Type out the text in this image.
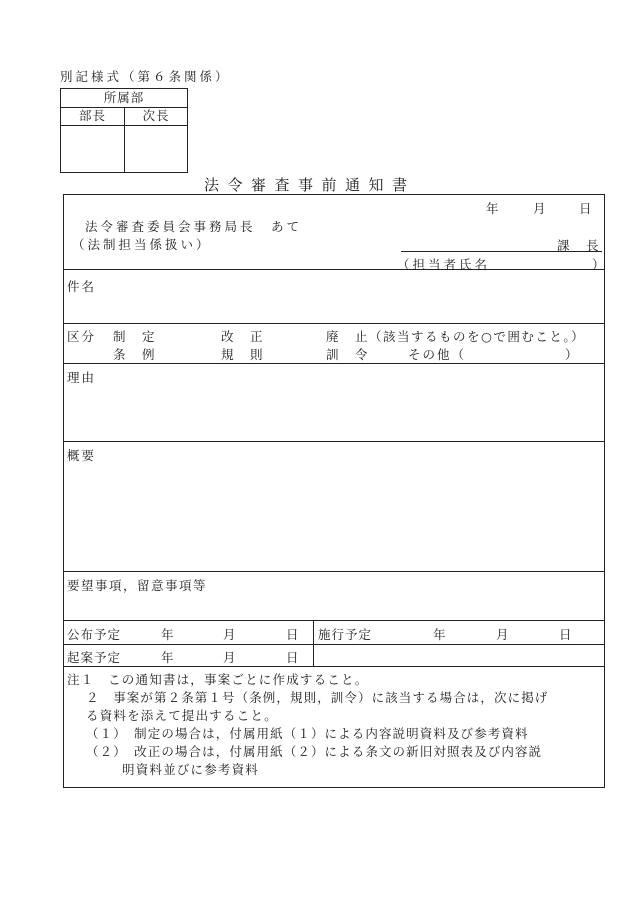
別記様式（第６条関係）
所属部
部長	次長
法令審査事前通知書
年	月	日
法令審査委員会事務局長　あて
（法制担当係扱い）	課　長
（担当者氏名	）
件名
区分 制　定	改　正	廃　止 （該当するものを○で囲むこと。）
条　例	規　則	訓　令	その他（	）
理由
概要
要望事項，留意事項等
公布予定	年	月	日 施行予定	年	月	日
起案予定	年	月	日
注１　この通知書は，事案ごとに作成すること。
２　事案が第２条第１号（条例，規則，訓令）に該当する場合は，次に掲げ
る資料を添えて提出すること。
（１）　制定の場合は，付属用紙（１）による内容説明資料及び参考資料
（２）　改正の場合は，付属用紙（２）による条文の新旧対照表及び内容説
明資料並びに参考資料
